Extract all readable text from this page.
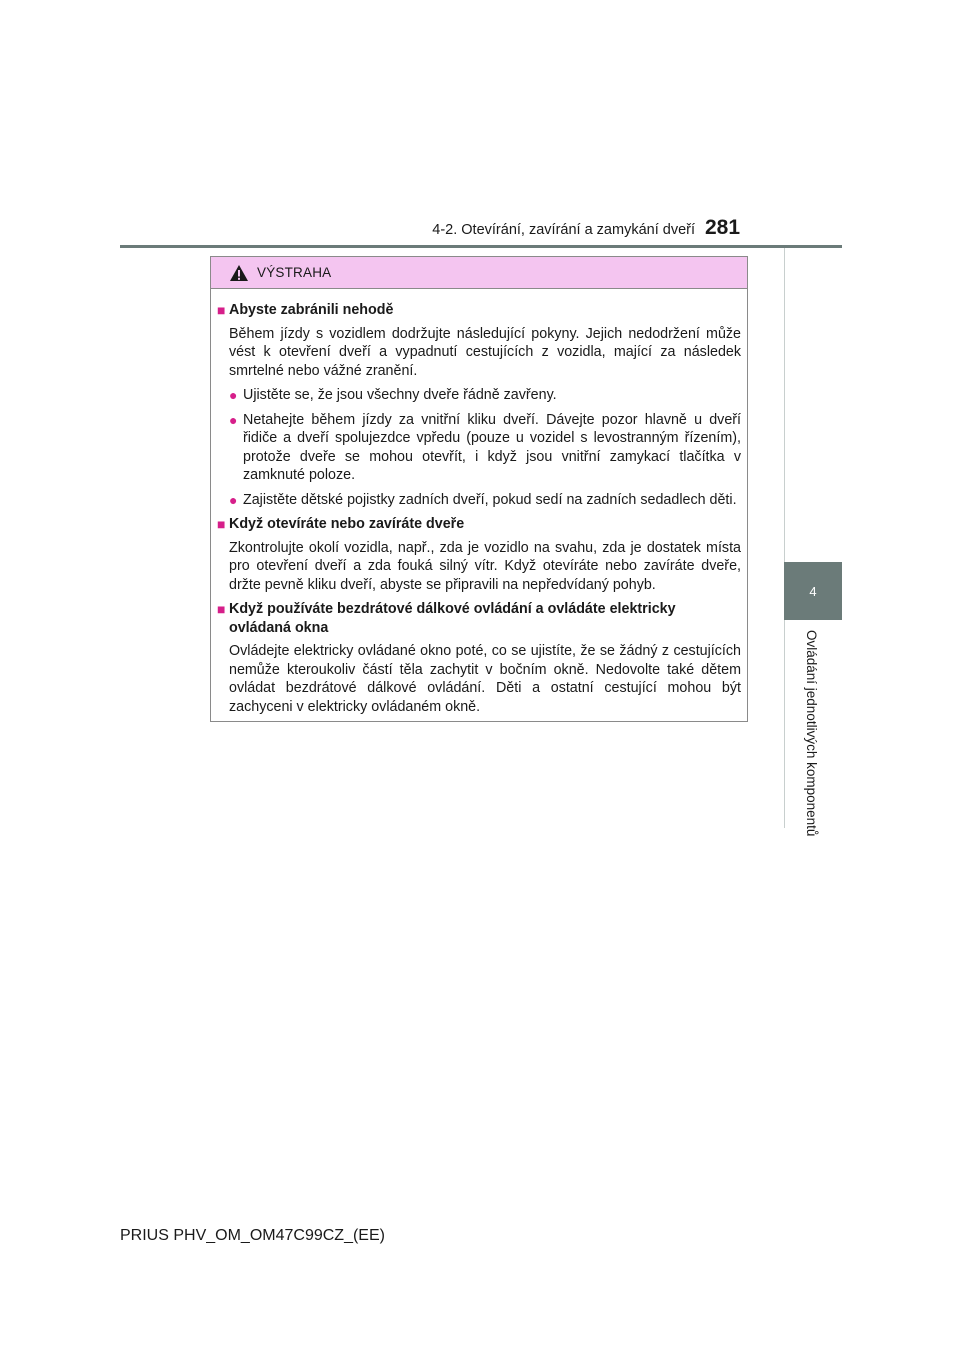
4-2. Otevírání, zavírání a zamykání dveří 281
4
Ovládání jednotlivých komponentů
VÝSTRAHA
■ Abyste zabránili nehodě
Během jízdy s vozidlem dodržujte následující pokyny. Jejich nedodržení může vést k otevření dveří a vypadnutí cestujících z vozidla, mající za následek smrtelné nebo vážné zranění.
● Ujistěte se, že jsou všechny dveře řádně zavřeny.
● Netahejte během jízdy za vnitřní kliku dveří. Dávejte pozor hlavně u dveří řidiče a dveří spolujezdce vpředu (pouze u vozidel s levostranným řízením), protože dveře se mohou otevřít, i když jsou vnitřní zamykací tlačítka v zamknuté poloze.
● Zajistěte dětské pojistky zadních dveří, pokud sedí na zadních sedadlech děti.
■ Když otevíráte nebo zavíráte dveře
Zkontrolujte okolí vozidla, např., zda je vozidlo na svahu, zda je dostatek místa pro otevření dveří a zda fouká silný vítr. Když otevíráte nebo zavíráte dveře, držte pevně kliku dveří, abyste se připravili na nepředvídaný pohyb.
■ Když používáte bezdrátové dálkové ovládání a ovládáte elektricky ovládaná okna
Ovládejte elektricky ovládané okno poté, co se ujistíte, že se žádný z cestujících nemůže kteroukoliv částí těla zachytit v bočním okně. Nedovolte také dětem ovládat bezdrátové dálkové ovládání. Děti a ostatní cestující mohou být zachyceni v elektricky ovládaném okně.
PRIUS PHV_OM_OM47C99CZ_(EE)
